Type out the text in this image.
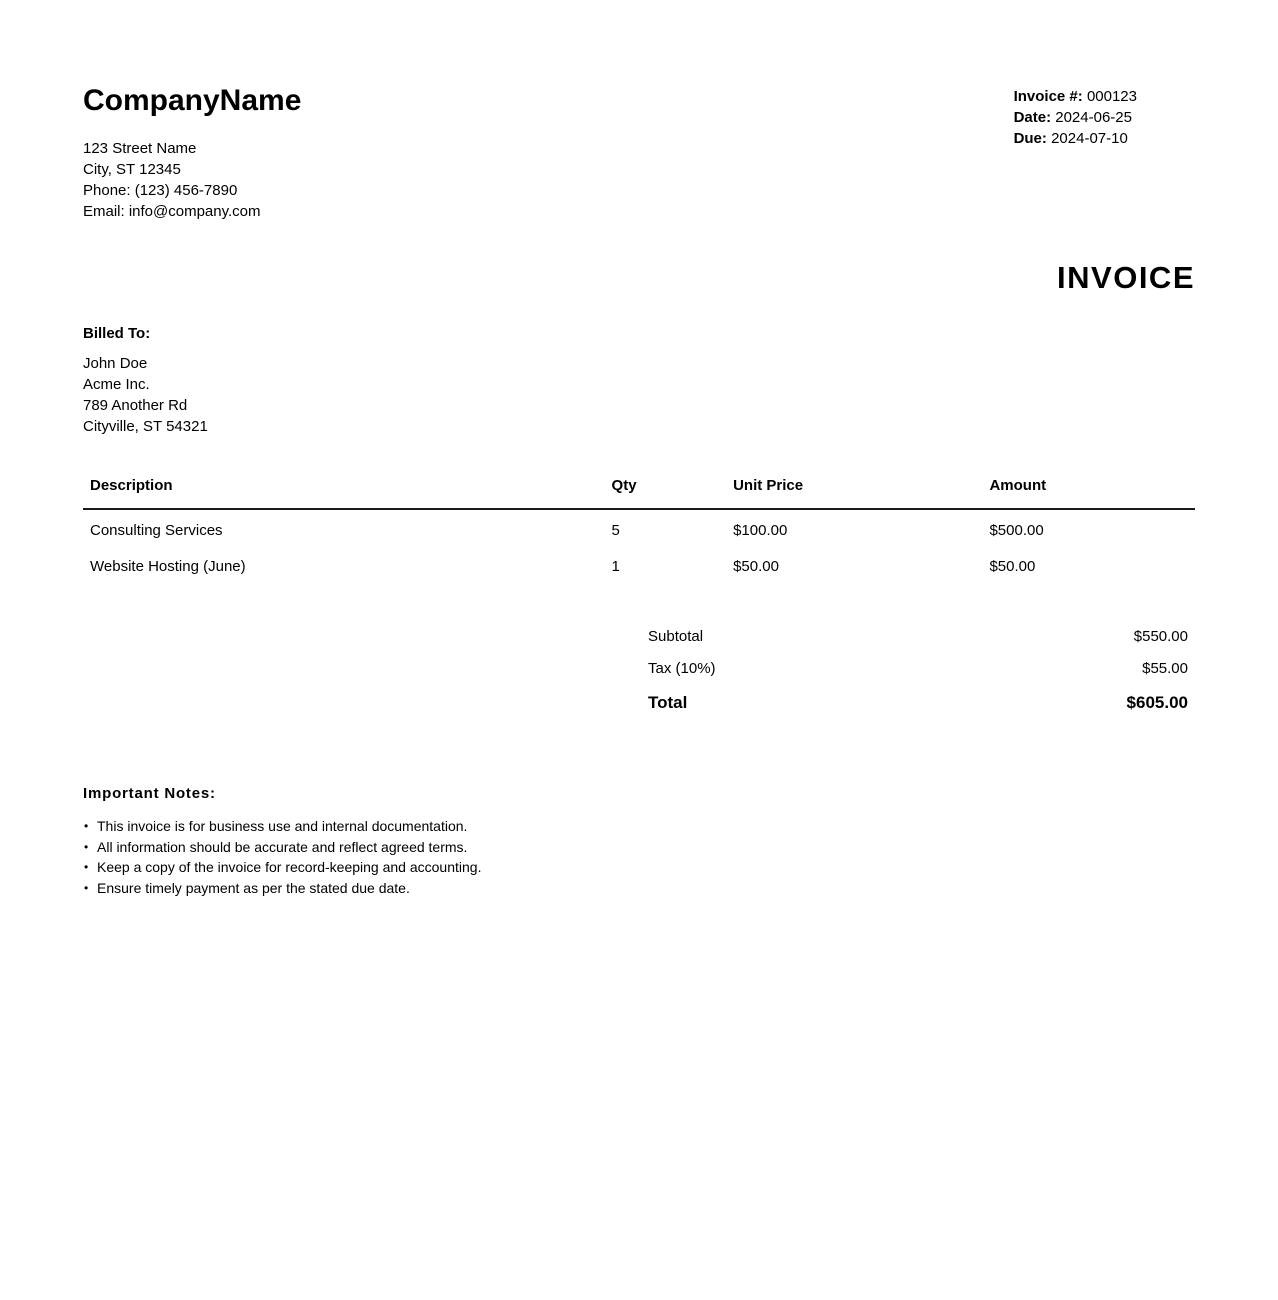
CompanyName
123 Street Name
City, ST 12345
Phone: (123) 456-7890
Email: info@company.com
Invoice #: 000123
Date: 2024-06-25
Due: 2024-07-10
INVOICE
Billed To:
John Doe
Acme Inc.
789 Another Rd
Cityville, ST 54321
Description	Qty	Unit Price	Amount
Consulting Services	5	$100.00	$500.00
Website Hosting (June)	1	$50.00	$50.00
Subtotal	$550.00
Tax (10%)	$55.00
Total	$605.00
Important Notes:
• This invoice is for business use and internal documentation.
• All information should be accurate and reflect agreed terms.
• Keep a copy of the invoice for record-keeping and accounting.
• Ensure timely payment as per the stated due date.
